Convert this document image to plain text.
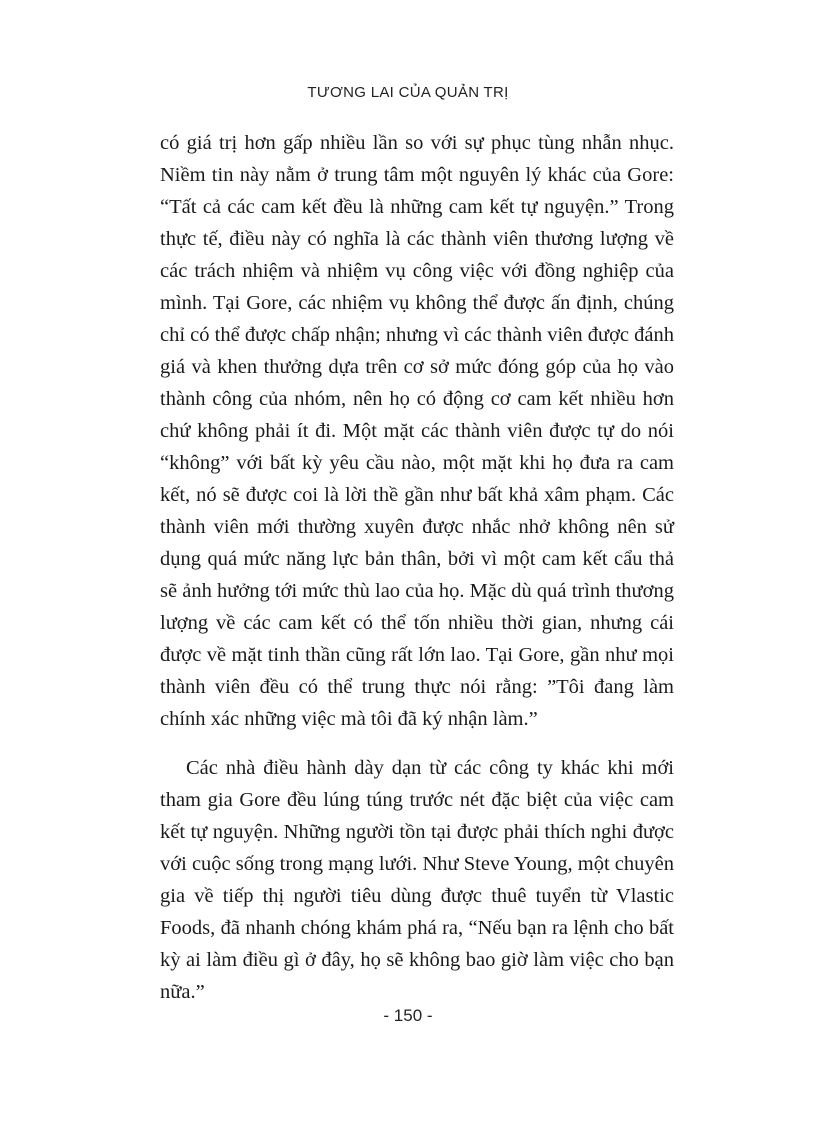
TƯƠNG LAI CỦA QUẢN TRỊ

có giá trị hơn gấp nhiều lần so với sự phục tùng nhẫn nhục. Niềm tin này nằm ở trung tâm một nguyên lý khác của Gore: “Tất cả các cam kết đều là những cam kết tự nguyện.” Trong thực tế, điều này có nghĩa là các thành viên thương lượng về các trách nhiệm và nhiệm vụ công việc với đồng nghiệp của mình. Tại Gore, các nhiệm vụ không thể được ấn định, chúng chỉ có thể được chấp nhận; nhưng vì các thành viên được đánh giá và khen thưởng dựa trên cơ sở mức đóng góp của họ vào thành công của nhóm, nên họ có động cơ cam kết nhiều hơn chứ không phải ít đi. Một mặt các thành viên được tự do nói “không” với bất kỳ yêu cầu nào, một mặt khi họ đưa ra cam kết, nó sẽ được coi là lời thề gần như bất khả xâm phạm. Các thành viên mới thường xuyên được nhắc nhở không nên sử dụng quá mức năng lực bản thân, bởi vì một cam kết cẩu thả sẽ ảnh hưởng tới mức thù lao của họ. Mặc dù quá trình thương lượng về các cam kết có thể tốn nhiều thời gian, nhưng cái được về mặt tinh thần cũng rất lớn lao. Tại Gore, gần như mọi thành viên đều có thể trung thực nói rằng: ”Tôi đang làm chính xác những việc mà tôi đã ký nhận làm.”

Các nhà điều hành dày dạn từ các công ty khác khi mới tham gia Gore đều lúng túng trước nét đặc biệt của việc cam kết tự nguyện. Những người tồn tại được phải thích nghi được với cuộc sống trong mạng lưới. Như Steve Young, một chuyên gia về tiếp thị người tiêu dùng được thuê tuyển từ Vlastic Foods, đã nhanh chóng khám phá ra, “Nếu bạn ra lệnh cho bất kỳ ai làm điều gì ở đây, họ sẽ không bao giờ làm việc cho bạn nữa.”

- 150 -
